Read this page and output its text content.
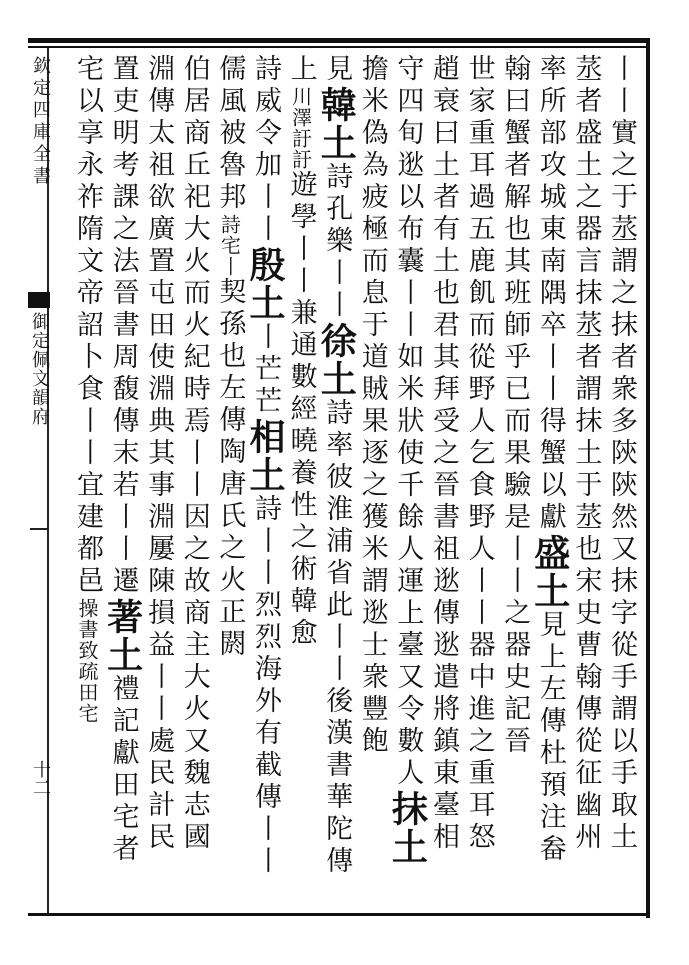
欽定四庫全書
御定佩文韻府
十二	丨丨實之于䒱謂之抹者衆多陝陝然又抹字從手謂以手取土
䒱者盛土之器言抹䒱者謂抹土于䒱也宋史曹翰傳從征幽州
率所部攻城東南隅卒丨丨得蟹以獻盛土見上左傳杜預注畚
翰曰蟹者解也其班師乎已而果驗是丨丨之器史記晉
世家重耳過五鹿飢而從野人乞食野人丨丨器中進之重耳怒
趙衰曰土者有土也君其拜受之晉書祖逖傳逖遣將鎮東臺相
守四旬逖以布囊丨丨如米狀使千餘人運上臺又令數人抹土
擔米偽為疲極而息于道賊果逐之獲米謂逖士衆豐飽
見韓土詩孔樂丨丨徐土詩率彼淮浦省此丨丨後漢書華陀傳
上川澤訏訏遊學丨丨兼通數經曉養性之術韓愈
詩威令加丨丨殷土丨芒芒相土詩丨丨烈烈海外有截傳丨丨
儒風被魯邦詩宅丨契孫也左傳陶唐氏之火正閼
伯居商丘祀大火而火紀時焉丨丨因之故商主大火又魏志國
淵傳太祖欲廣置屯田使淵典其事淵屢陳損益丨丨處民計民
置吏明考課之法晉書周馥傳末若丨丨遷著土禮記獻田宅者
宅以享永祚隋文帝詔卜食丨丨宜建都邑操書致疏田宅
